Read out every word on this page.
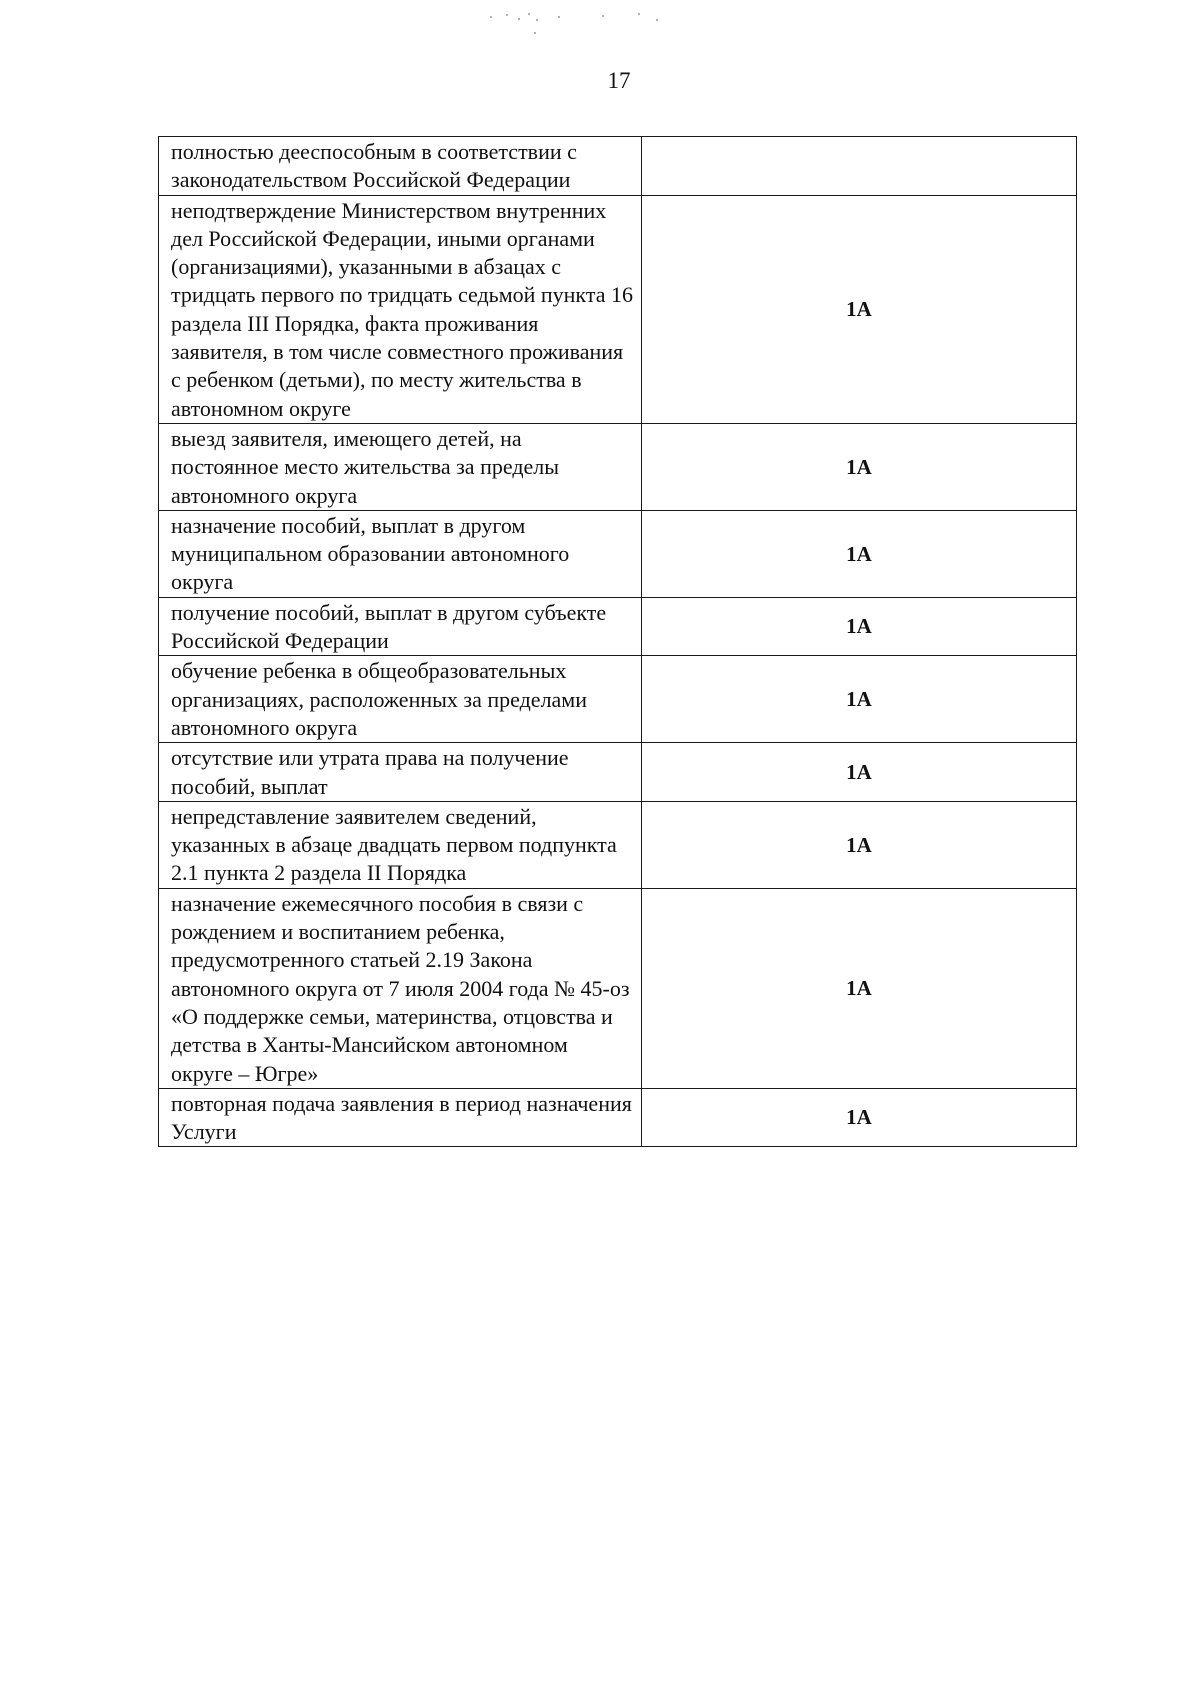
17
полностью дееспособным в соответствии с законодательством Российской Федерации	
неподтверждение Министерством внутренних дел Российской Федерации, иными органами (организациями), указанными в абзацах с тридцать первого по тридцать седьмой пункта 16 раздела III Порядка, факта проживания заявителя, в том числе совместного проживания с ребенком (детьми), по месту жительства в автономном округе	1А
выезд заявителя, имеющего детей, на постоянное место жительства за пределы автономного округа	1А
назначение пособий, выплат в другом муниципальном образовании автономного округа	1А
получение пособий, выплат в другом субъекте Российской Федерации	1А
обучение ребенка в общеобразовательных организациях, расположенных за пределами автономного округа	1А
отсутствие или утрата права на получение пособий, выплат	1А
непредставление заявителем сведений, указанных в абзаце двадцать первом подпункта 2.1 пункта 2 раздела II Порядка	1А
назначение ежемесячного пособия в связи с рождением и воспитанием ребенка, предусмотренного статьей 2.19 Закона автономного округа от 7 июля 2004 года № 45-оз «О поддержке семьи, материнства, отцовства и детства в Ханты-Мансийском автономном округе – Югре»	1А
повторная подача заявления в период назначения Услуги	1А
